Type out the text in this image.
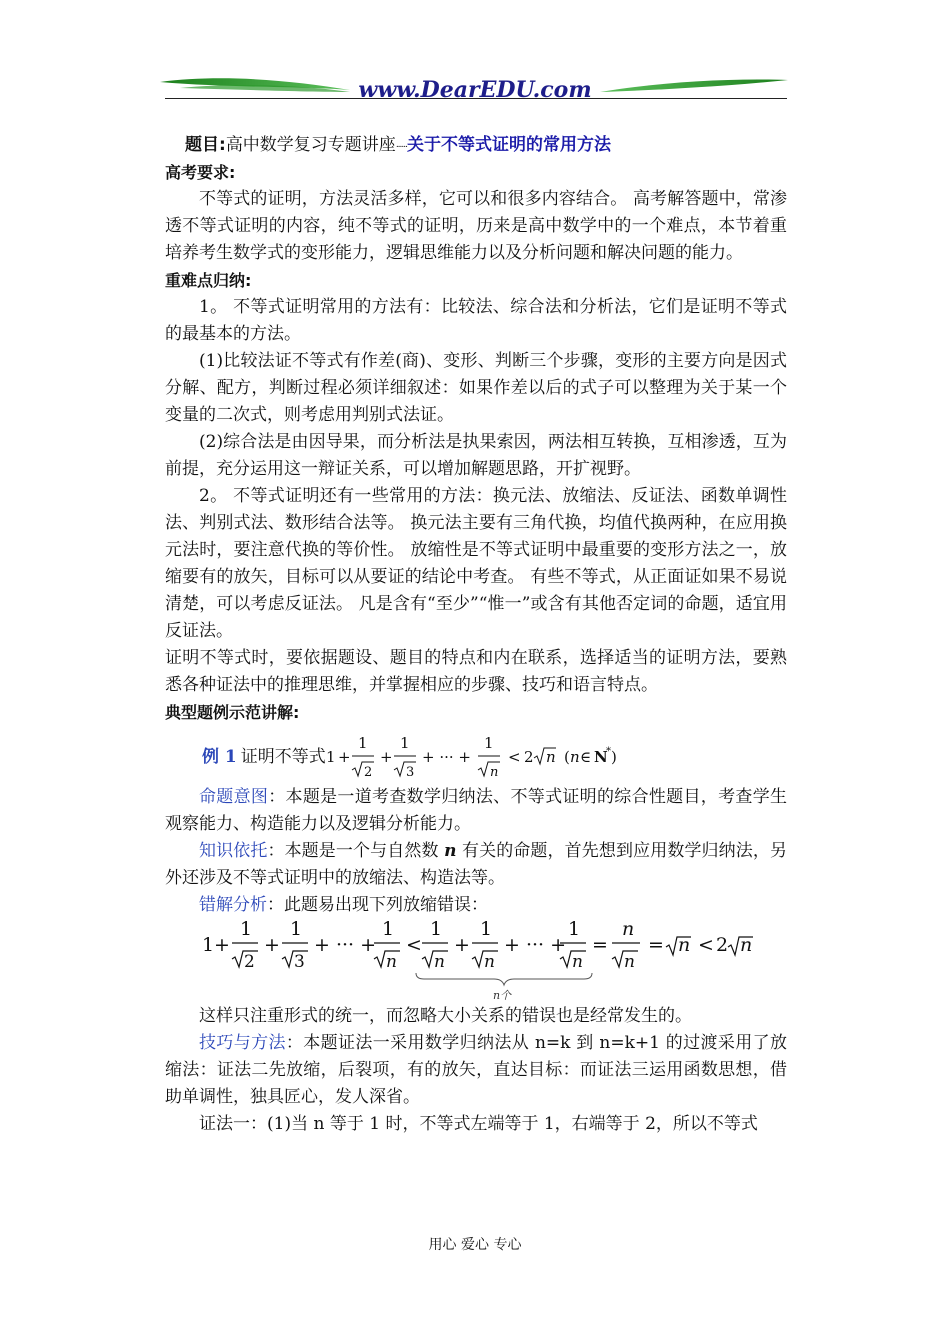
www.DearEDU.com

题目:高中数学复习专题讲座......关于不等式证明的常用方法

高考要求:

不等式的证明，方法灵活多样，它可以和很多内容结合。 高考解答题中，常渗透不等式证明的内容，纯不等式的证明，历来是高中数学中的一个难点，本节着重培养考生数学式的变形能力，逻辑思维能力以及分析问题和解决问题的能力。

重难点归纳:

1。 不等式证明常用的方法有：比较法、综合法和分析法，它们是证明不等式的最基本的方法。

(1)比较法证不等式有作差(商)、变形、判断三个步骤，变形的主要方向是因式分解、配方，判断过程必须详细叙述：如果作差以后的式子可以整理为关于某一个变量的二次式，则考虑用判别式法证。

(2)综合法是由因导果，而分析法是执果索因，两法相互转换，互相渗透，互为前提，充分运用这一辩证关系，可以增加解题思路，开扩视野。

2。 不等式证明还有一些常用的方法：换元法、放缩法、反证法、函数单调性法、判别式法、数形结合法等。 换元法主要有三角代换，均值代换两种，在应用换元法时，要注意代换的等价性。 放缩性是不等式证明中最重要的变形方法之一，放缩要有的放矢，目标可以从要证的结论中考查。 有些不等式，从正面证如果不易说清楚，可以考虑反证法。 凡是含有“至少”“惟一”或含有其他否定词的命题，适宜用反证法。

证明不等式时，要依据题设、题目的特点和内在联系，选择适当的证明方法，要熟悉各种证法中的推理思维，并掌握相应的步骤、技巧和语言特点。

典型题例示范讲解:

例 1 证明不等式 1 +
1
2
+
1
3
+ ··· +
1
n
< 2 n ( n ∈ N
* )

命题意图：本题是一道考查数学归纳法、不等式证明的综合性题目，考查学生观察能力、构造能力以及逻辑分析能力。

知识依托：本题是一个与自然数 n 有关的命题，首先想到应用数学归纳法，另外还涉及不等式证明中的放缩法、构造法等。

错解分析：此题易出现下列放缩错误：

1 +
1
2
+
1
3
+ ··· +
1
n
<
1
n
+
1
n
+ ··· +
1
n
=
n
n
= n < 2 n
n个

这样只注重形式的统一，而忽略大小关系的错误也是经常发生的。

技巧与方法：本题证法一采用数学归纳法从 n=k 到 n=k+1 的过渡采用了放缩法：证法二先放缩，后裂项，有的放矢，直达目标：而证法三运用函数思想，借助单调性，独具匠心，发人深省。

证法一：(1)当 n 等于 1 时，不等式左端等于 1，右端等于 2，所以不等式

用心 爱心 专心
